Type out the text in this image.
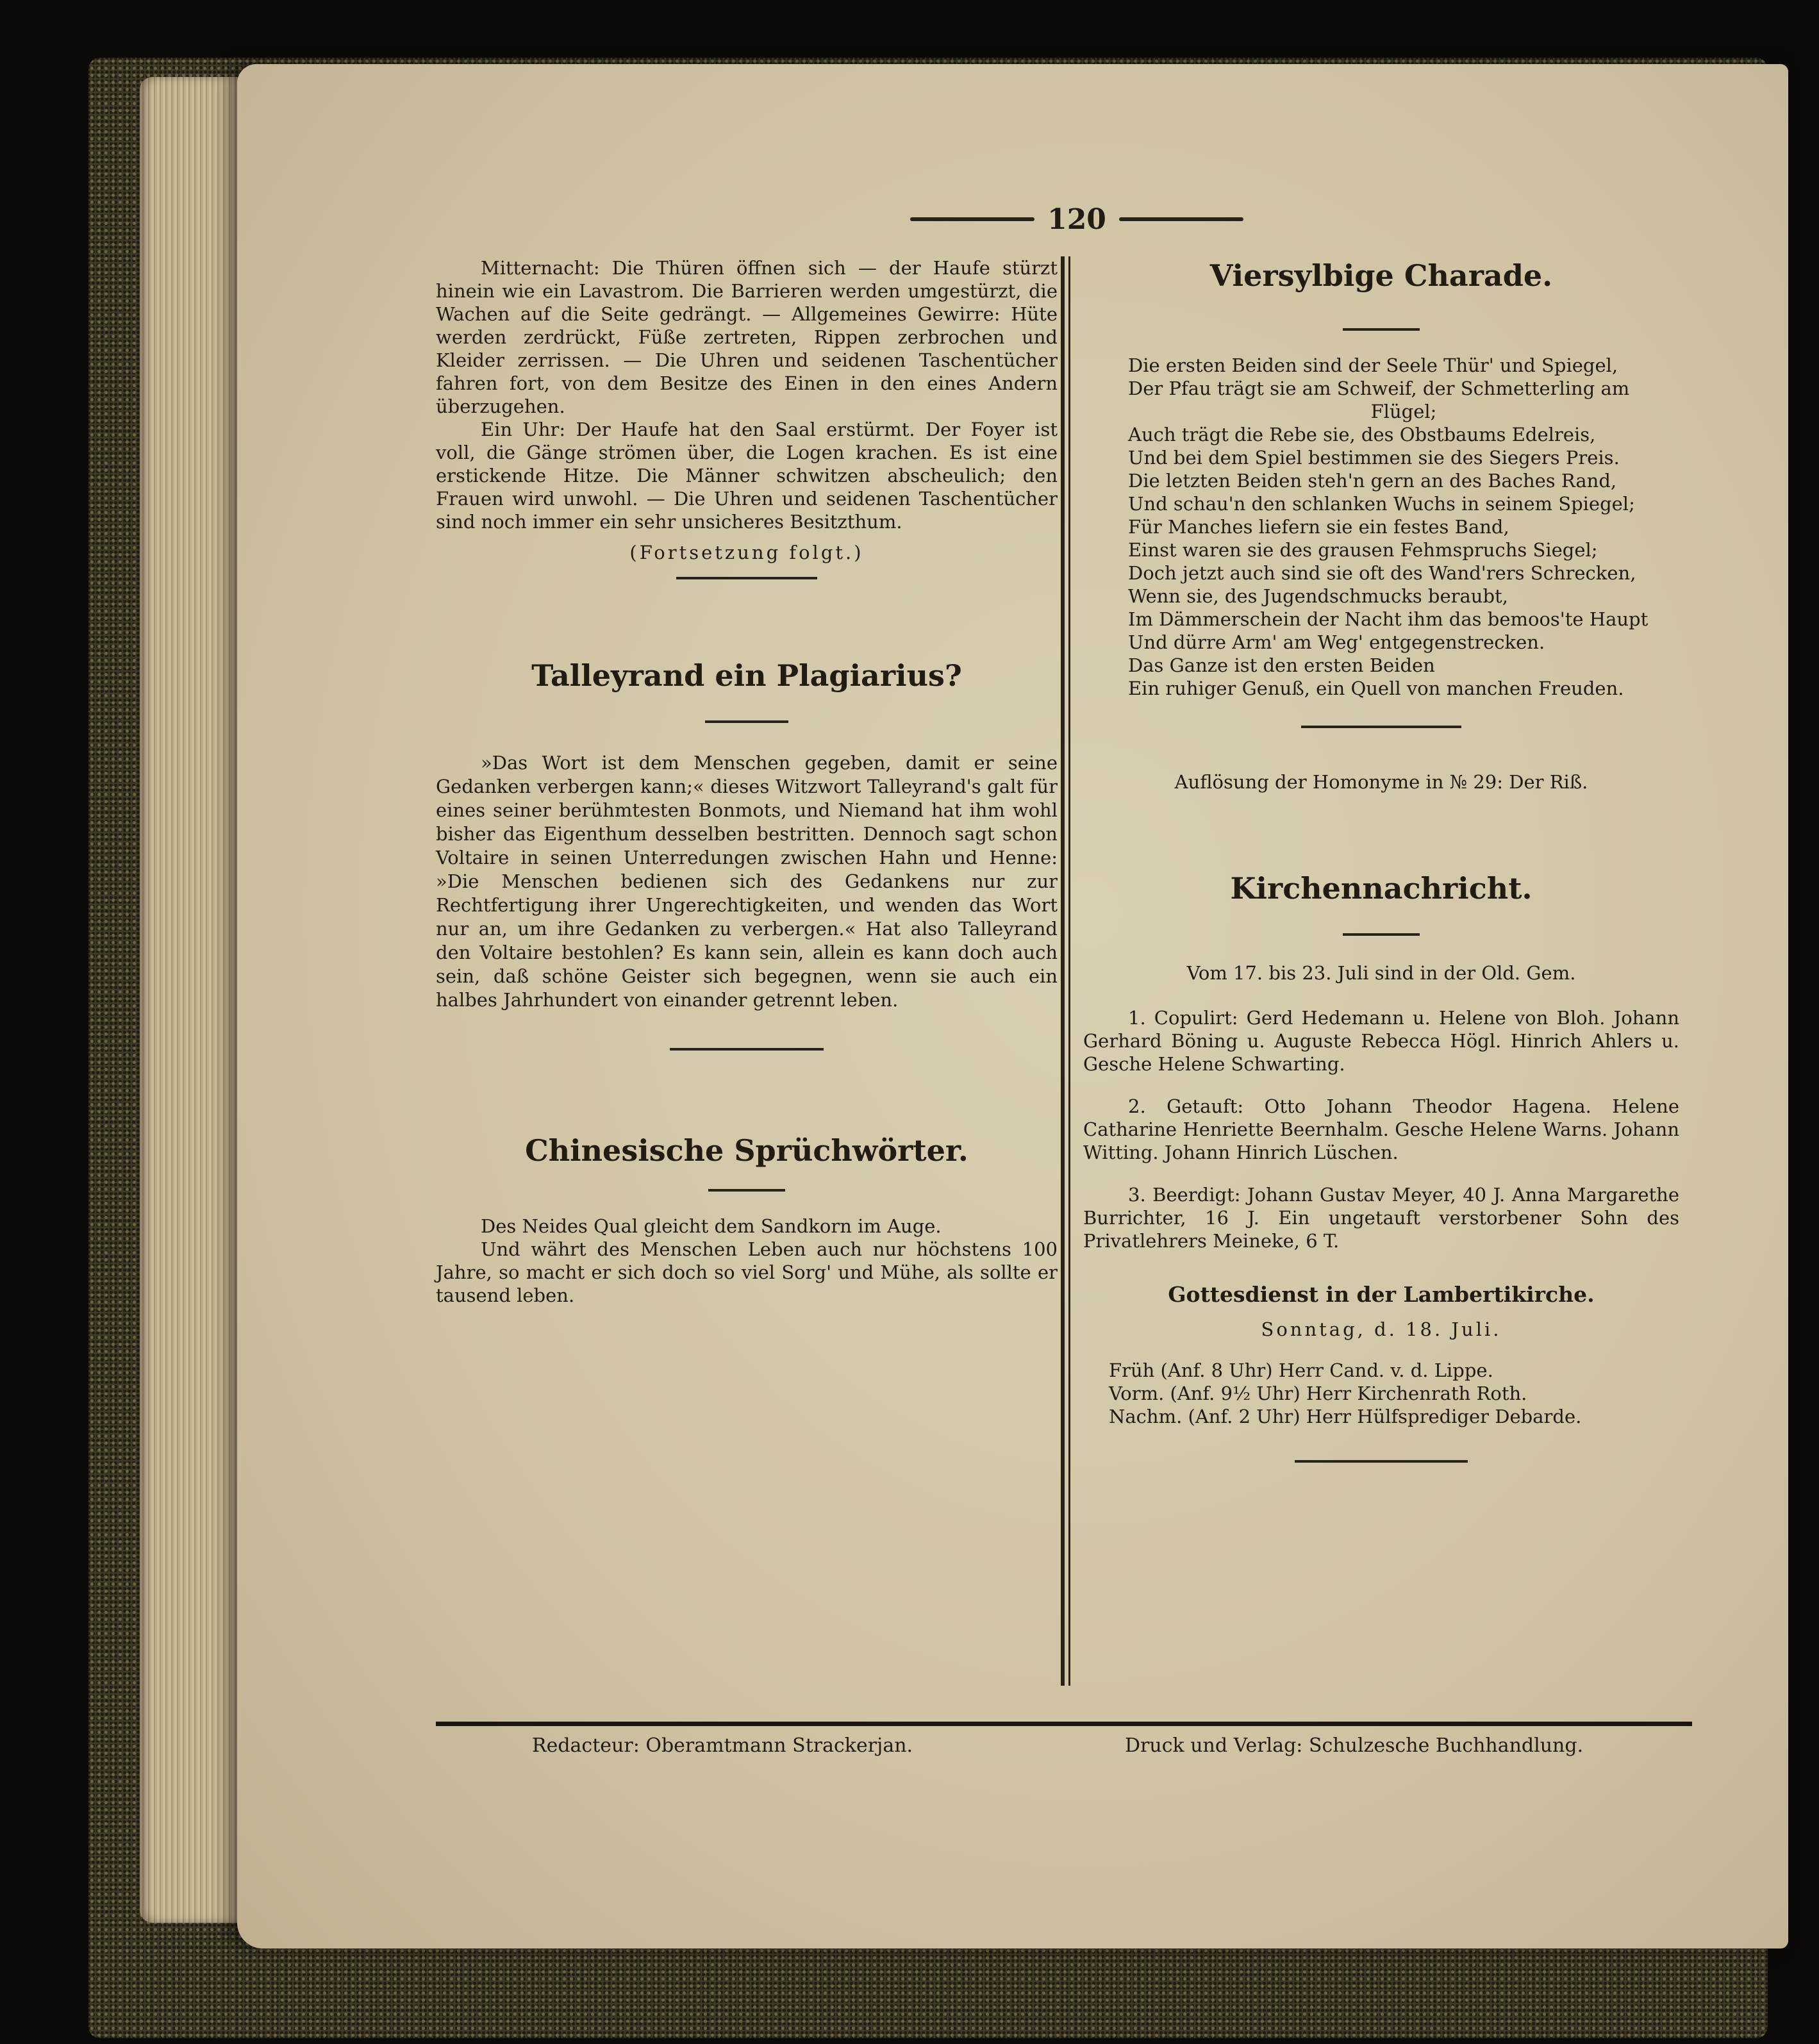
120

Mitternacht: Die Thüren öffnen sich — der Haufe stürzt hinein wie ein Lavastrom. Die Barrieren werden umgestürzt, die Wachen auf die Seite gedrängt. — Allgemeines Gewirre: Hüte werden zerdrückt, Füße zertreten, Rippen zerbrochen und Kleider zerrissen. — Die Uhren und seidenen Taschentücher fahren fort, von dem Besitze des Einen in den eines Andern überzugehen.

Ein Uhr: Der Haufe hat den Saal erstürmt. Der Foyer ist voll, die Gänge strömen über, die Logen krachen. Es ist eine erstickende Hitze. Die Männer schwitzen abscheulich; den Frauen wird unwohl. — Die Uhren und seidenen Taschentücher sind noch immer ein sehr unsicheres Besitzthum.

(Fortsetzung folgt.)

Talleyrand ein Plagiarius?

»Das Wort ist dem Menschen gegeben, damit er seine Gedanken verbergen kann;« dieses Witzwort Talleyrand's galt für eines seiner berühmtesten Bonmots, und Niemand hat ihm wohl bisher das Eigenthum desselben bestritten. Dennoch sagt schon Voltaire in seinen Unterredungen zwischen Hahn und Henne: »Die Menschen bedienen sich des Gedankens nur zur Rechtfertigung ihrer Ungerechtigkeiten, und wenden das Wort nur an, um ihre Gedanken zu verbergen.« Hat also Talleyrand den Voltaire bestohlen? Es kann sein, allein es kann doch auch sein, daß schöne Geister sich begegnen, wenn sie auch ein halbes Jahrhundert von einander getrennt leben.

Chinesische Sprüchwörter.

Des Neides Qual gleicht dem Sandkorn im Auge.

Und währt des Menschen Leben auch nur höchstens 100 Jahre, so macht er sich doch so viel Sorg' und Mühe, als sollte er tausend leben.

Viersylbige Charade.

Die ersten Beiden sind der Seele Thür' und Spiegel,

Der Pfau trägt sie am Schweif, der Schmetterling am

Flügel;

Auch trägt die Rebe sie, des Obstbaums Edelreis,

Und bei dem Spiel bestimmen sie des Siegers Preis.

Die letzten Beiden steh'n gern an des Baches Rand,

Und schau'n den schlanken Wuchs in seinem Spiegel;

Für Manches liefern sie ein festes Band,

Einst waren sie des grausen Fehmspruchs Siegel;

Doch jetzt auch sind sie oft des Wand'rers Schrecken,

Wenn sie, des Jugendschmucks beraubt,

Im Dämmerschein der Nacht ihm das bemoos'te Haupt

Und dürre Arm' am Weg' entgegenstrecken.

Das Ganze ist den ersten Beiden

Ein ruhiger Genuß, ein Quell von manchen Freuden.

Auflösung der Homonyme in № 29: Der Riß.

Kirchennachricht.

Vom 17. bis 23. Juli sind in der Old. Gem.

1. Copulirt: Gerd Hedemann u. Helene von Bloh. Johann Gerhard Böning u. Auguste Rebecca Högl. Hinrich Ahlers u. Gesche Helene Schwarting.

2. Getauft: Otto Johann Theodor Hagena. Helene Catharine Henriette Beernhalm. Gesche Helene Warns. Johann Witting. Johann Hinrich Lüschen.

3. Beerdigt: Johann Gustav Meyer, 40 J. Anna Margarethe Burrichter, 16 J. Ein ungetauft verstorbener Sohn des Privatlehrers Meineke, 6 T.

Gottesdienst in der Lambertikirche.

Sonntag, d. 18. Juli.

Früh (Anf. 8 Uhr) Herr Cand. v. d. Lippe.

Vorm. (Anf. 9½ Uhr) Herr Kirchenrath Roth.

Nachm. (Anf. 2 Uhr) Herr Hülfsprediger Debarde.

Redacteur: Oberamtmann Strackerjan.	Druck und Verlag: Schulzesche Buchhandlung.
